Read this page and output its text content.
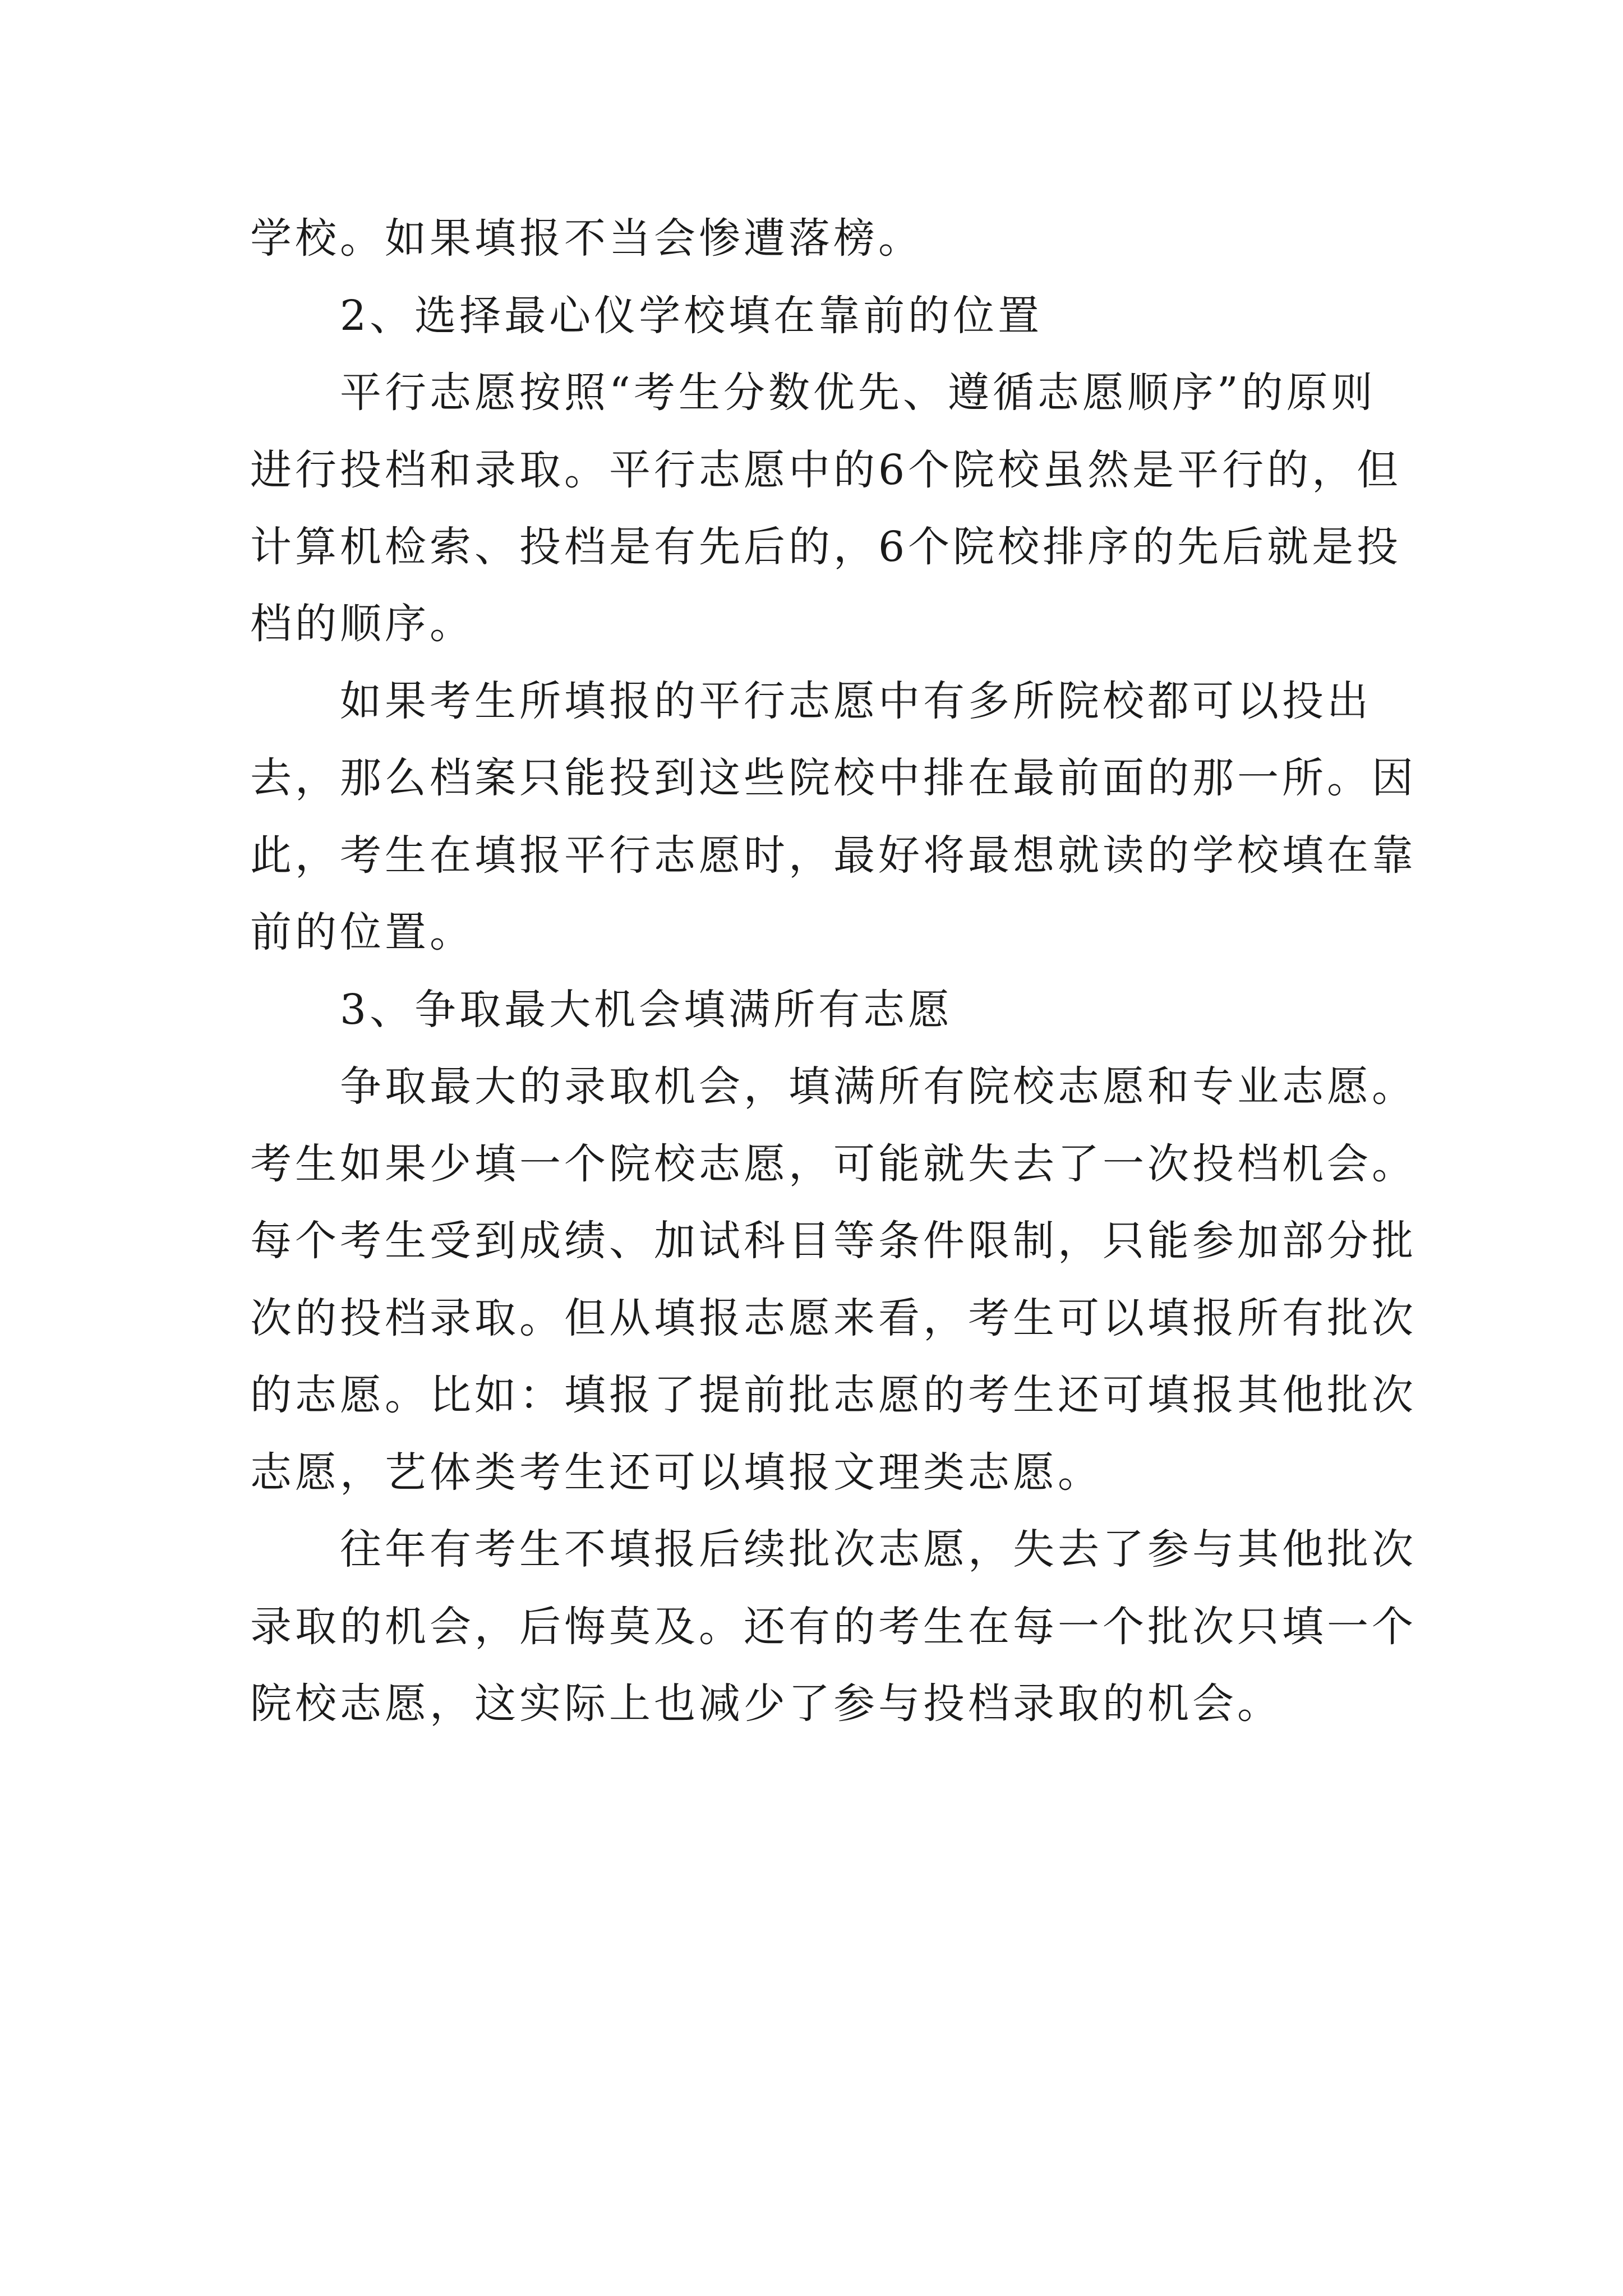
学校。如果填报不当会惨遭落榜。
2、选择最心仪学校填在靠前的位置
平行志愿按照“考生分数优先、遵循志愿顺序”的原则
进行投档和录取。平行志愿中的6个院校虽然是平行的，但
计算机检索、投档是有先后的，6个院校排序的先后就是投
档的顺序。
如果考生所填报的平行志愿中有多所院校都可以投出
去，那么档案只能投到这些院校中排在最前面的那一所。因
此，考生在填报平行志愿时，最好将最想就读的学校填在靠
前的位置。
3、争取最大机会填满所有志愿
争取最大的录取机会，填满所有院校志愿和专业志愿。
考生如果少填一个院校志愿，可能就失去了一次投档机会。
每个考生受到成绩、加试科目等条件限制，只能参加部分批
次的投档录取。但从填报志愿来看，考生可以填报所有批次
的志愿。比如：填报了提前批志愿的考生还可填报其他批次
志愿，艺体类考生还可以填报文理类志愿。
往年有考生不填报后续批次志愿，失去了参与其他批次
录取的机会，后悔莫及。还有的考生在每一个批次只填一个
院校志愿，这实际上也减少了参与投档录取的机会。
